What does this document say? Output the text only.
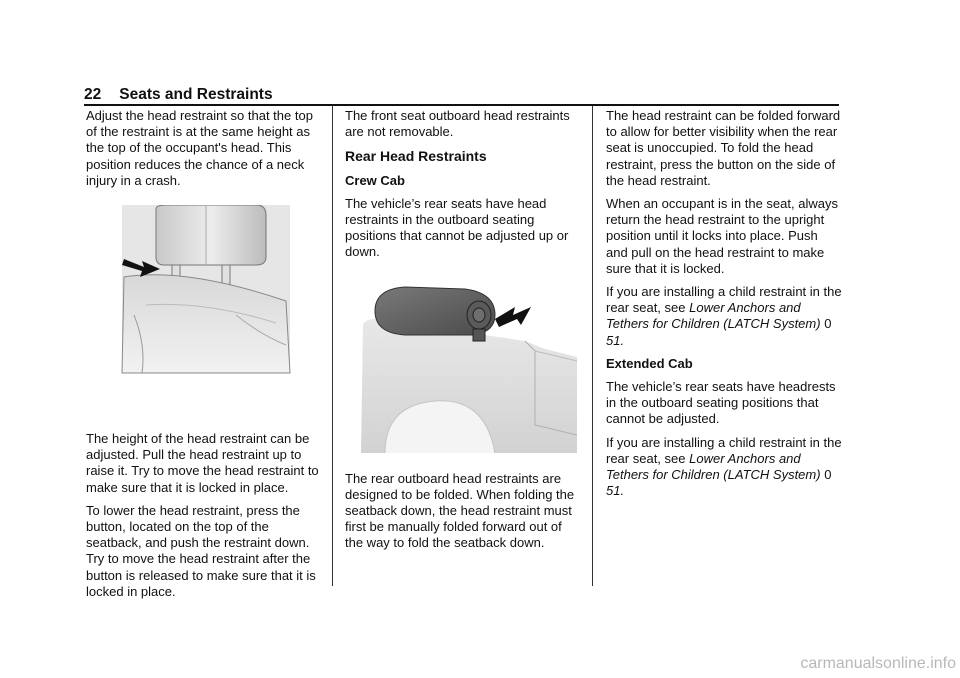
22 Seats and Restraints

Adjust the head restraint so that the top of the restraint is at the same height as the top of the occupant's head. This position reduces the chance of a neck injury in a crash.

The height of the head restraint can be adjusted. Pull the head restraint up to raise it. Try to move the head restraint to make sure that it is locked in place.

To lower the head restraint, press the button, located on the top of the seatback, and push the restraint down. Try to move the head restraint after the button is released to make sure that it is locked in place.

The front seat outboard head restraints are not removable.

Rear Head Restraints

Crew Cab

The vehicle’s rear seats have head restraints in the outboard seating positions that cannot be adjusted up or down.

The rear outboard head restraints are designed to be folded. When folding the seatback down, the head restraint must first be manually folded forward out of the way to fold the seatback down.

The head restraint can be folded forward to allow for better visibility when the rear seat is unoccupied. To fold the head restraint, press the button on the side of the head restraint.

When an occupant is in the seat, always return the head restraint to the upright position until it locks into place. Push and pull on the head restraint to make sure that it is locked.

If you are installing a child restraint in the rear seat, see Lower Anchors and Tethers for Children (LATCH System) 0 51.

Extended Cab

The vehicle’s rear seats have headrests in the outboard seating positions that cannot be adjusted.

If you are installing a child restraint in the rear seat, see Lower Anchors and Tethers for Children (LATCH System) 0 51.

carmanualsonline.info
